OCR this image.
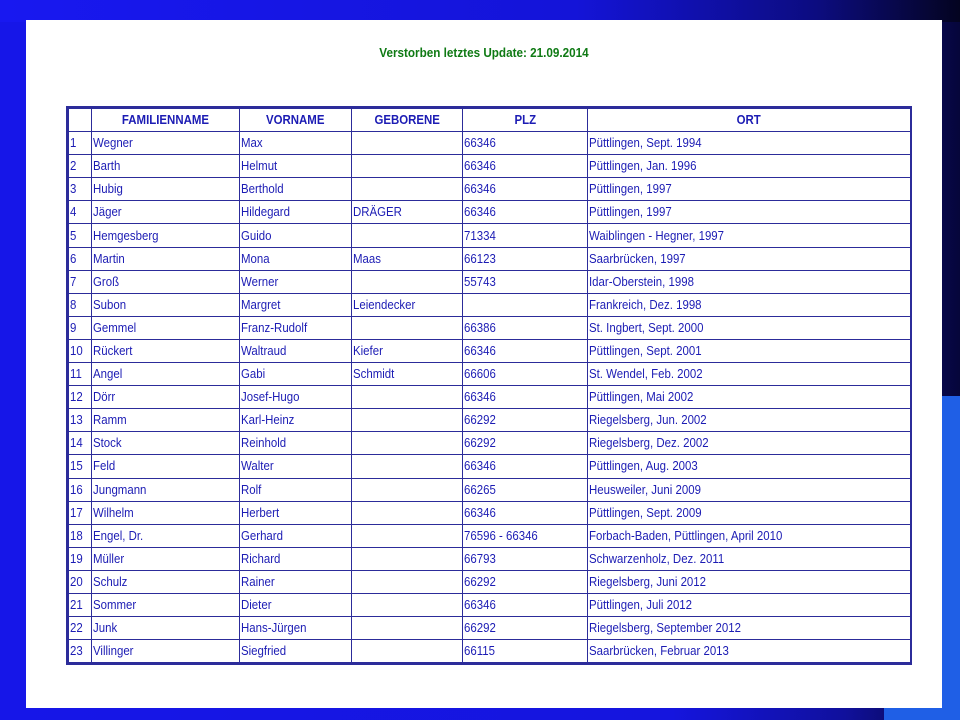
Verstorben letztes Update: 21.09.2014
	FAMILIENNAME	VORNAME	GEBORENE	PLZ	ORT
1	Wegner	Max		66346	Püttlingen, Sept. 1994
2	Barth	Helmut		66346	Püttlingen, Jan. 1996
3	Hubig	Berthold		66346	Püttlingen, 1997
4	Jäger	Hildegard	DRÄGER	66346	Püttlingen, 1997
5	Hemgesberg	Guido		71334	Waiblingen - Hegner, 1997
6	Martin	Mona	Maas	66123	Saarbrücken, 1997
7	Groß	Werner		55743	Idar-Oberstein, 1998
8	Subon	Margret	Leiendecker		Frankreich, Dez. 1998
9	Gemmel	Franz-Rudolf		66386	St. Ingbert, Sept. 2000
10	Rückert	Waltraud	Kiefer	66346	Püttlingen, Sept. 2001
11	Angel	Gabi	Schmidt	66606	St. Wendel, Feb. 2002
12	Dörr	Josef-Hugo		66346	Püttlingen, Mai 2002
13	Ramm	Karl-Heinz		66292	Riegelsberg, Jun. 2002
14	Stock	Reinhold		66292	Riegelsberg, Dez. 2002
15	Feld	Walter		66346	Püttlingen, Aug. 2003
16	Jungmann	Rolf		66265	Heusweiler, Juni 2009
17	Wilhelm	Herbert		66346	Püttlingen, Sept. 2009
18	Engel, Dr.	Gerhard		76596 - 66346	Forbach-Baden, Püttlingen, April 2010
19	Müller	Richard		66793	Schwarzenholz, Dez. 2011
20	Schulz	Rainer		66292	Riegelsberg, Juni 2012
21	Sommer	Dieter		66346	Püttlingen, Juli 2012
22	Junk	Hans-Jürgen		66292	Riegelsberg, September 2012
23	Villinger	Siegfried		66115	Saarbrücken, Februar 2013
